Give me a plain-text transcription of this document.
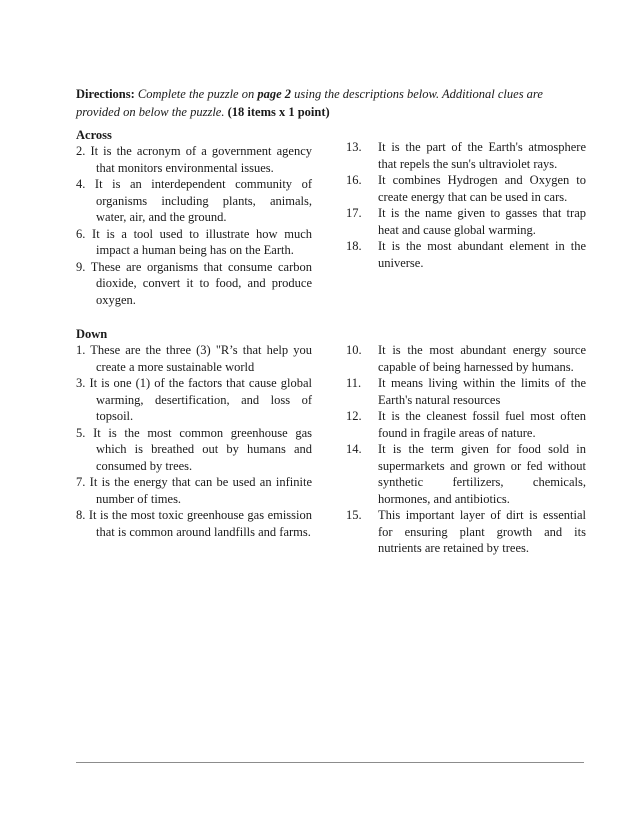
Directions: Complete the puzzle on page 2 using the descriptions below. Additional clues are provided on below the puzzle. (18 items x 1 point)

Across

2. It is the acronym of a government agency that monitors environmental issues.
4. It is an interdependent community of organisms including plants, animals, water, air, and the ground.
6. It is a tool used to illustrate how much impact a human being has on the Earth.
9. These are organisms that consume carbon dioxide, convert it to food, and produce oxygen.
13.	It is the part of the Earth's atmosphere that repels the sun's ultraviolet rays.
16.	It combines Hydrogen and Oxygen to create energy that can be used in cars.
17.	It is the name given to gasses that trap heat and cause global warming.
18.	It is the most abundant element in the universe.

Down

1. These are the three (3) "R’s that help you create a more sustainable world
3. It is one (1) of the factors that cause global warming, desertification, and loss of topsoil.
5. It is the most common greenhouse gas which is breathed out by humans and consumed by trees.
7. It is the energy that can be used an infinite number of times.
8. It is the most toxic greenhouse gas emission that is common around landfills and farms.
10.	It is the most abundant energy source capable of being harnessed by humans.
11.	It means living within the limits of the Earth's natural resources
12.	It is the cleanest fossil fuel most often found in fragile areas of nature.
14.	It is the term given for food sold in supermarkets and grown or fed without synthetic fertilizers, chemicals, hormones, and antibiotics.
15.	This important layer of dirt is essential for ensuring plant growth and its nutrients are retained by trees.
